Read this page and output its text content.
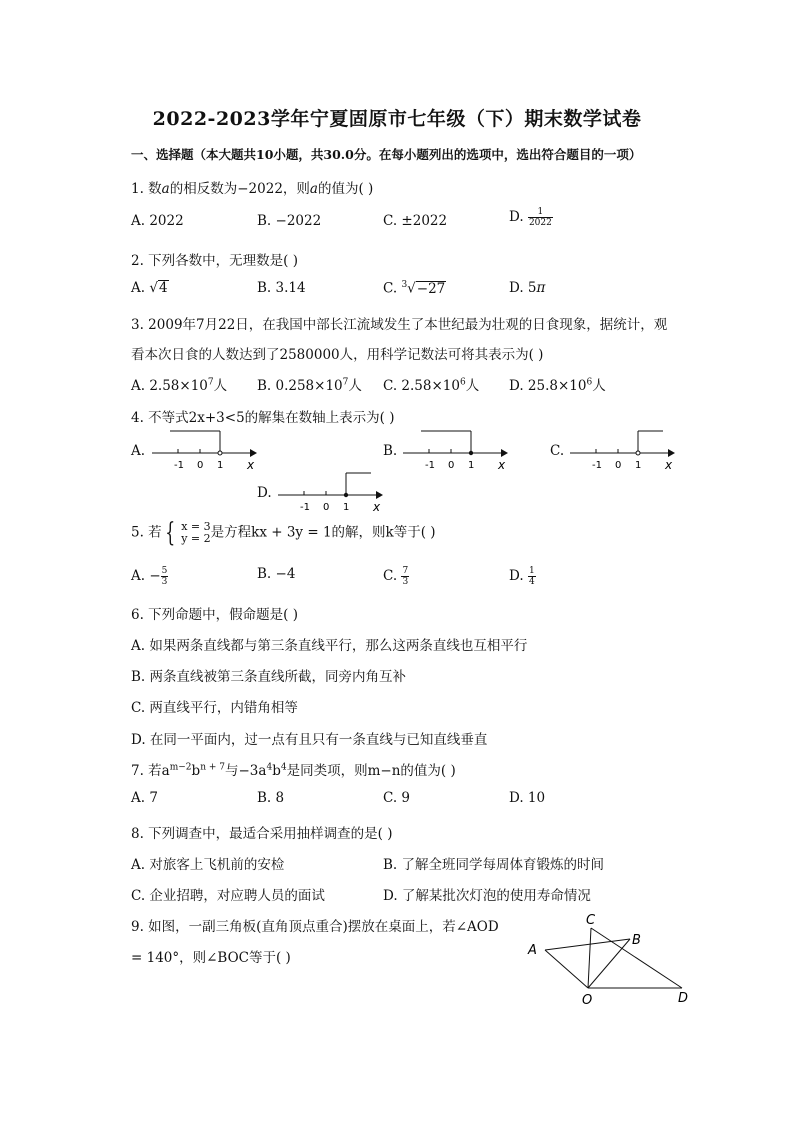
2022-2023学年宁夏固原市七年级（下）期末数学试卷
一、选择题（本大题共10小题，共30.0分。在每小题列出的选项中，选出符合题目的一项）
1. 数a的相反数为−2022，则a的值为( )
A. 2022	B. −2022	C. ±2022	D. $\frac{1}{2022}$
2. 下列各数中，无理数是( )
A. √4	B. 3.14	C. $^3$√−27	D. 5π
3. 2009年7月22日，在我国中部长江流域发生了本世纪最为壮观的日食现象，据统计，观
看本次日食的人数达到了2580000人，用科学记数法可将其表示为( )
A. $2.58\times 10^7$人 B. $0.258\times 10^7$人 C. $2.58\times 10^6$人 D. $25.8\times 10^6$人
4. 不等式2x+3<5的解集在数轴上表示为( )
A.
-1 0 1 x
B.
-1 0 1 x
C.
-1 0 1 x
D.
-1 0 1 x
5. 若 { x = 3
y = 2 是方程kx + 3y = 1的解，则k等于( )
A. − $\frac{5}{3}$	B. −4	C. $\frac{7}{3}$	D. $\frac{1}{4}$
6. 下列命题中，假命题是( )
A. 如果两条直线都与第三条直线平行，那么这两条直线也互相平行
B. 两条直线被第三条直线所截，同旁内角互补
C. 两直线平行，内错角相等
D. 在同一平面内，过一点有且只有一条直线与已知直线垂直
7. 若$a^{m-2}b^{n + 7}$与$-3a^4b^4$是同类项，则m−n的值为( )
A. 7	B. 8	C. 9	D. 10
8. 下列调查中，最适合采用抽样调查的是( )
A. 对旅客上飞机前的安检	B. 了解全班同学每周体育锻炼的时间
C. 企业招聘，对应聘人员的面试	D. 了解某批次灯泡的使用寿命情况
9. 如图，一副三角板(直角顶点重合)摆放在桌面上，若∠AOD
= 140°，则∠BOC等于( )	A
C
B
O	D
